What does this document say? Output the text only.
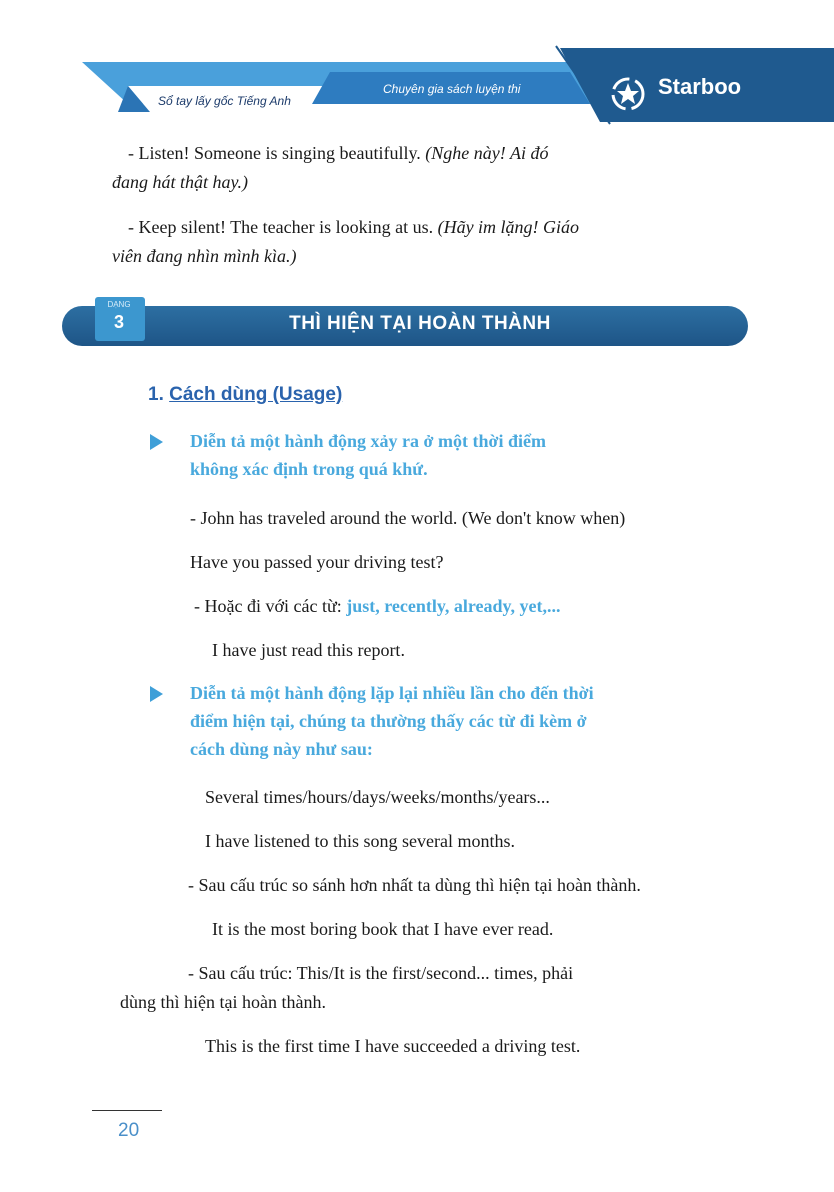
Sổ tay lấy gốc Tiếng Anh
Chuyên gia sách luyện thi	Starboo
- Listen! Someone is singing beautifully. (Nghe này! Ai đó
đang hát thật hay.)
- Keep silent! The teacher is looking at us. (Hãy im lặng! Giáo
viên đang nhìn mình kìa.)
DẠNG
3	THÌ HIỆN TẠI HOÀN THÀNH
1. Cách dùng (Usage)
Diễn tả một hành động xảy ra ở một thời điểm
không xác định trong quá khứ.
- John has traveled around the world. (We don't know when)
Have you passed your driving test?
- Hoặc đi với các từ: just, recently, already, yet,...
I have just read this report.
Diễn tả một hành động lặp lại nhiều lần cho đến thời
điểm hiện tại, chúng ta thường thấy các từ đi kèm ở
cách dùng này như sau:
Several times/hours/days/weeks/months/years...
I have listened to this song several months.
- Sau cấu trúc so sánh hơn nhất ta dùng thì hiện tại hoàn thành.
It is the most boring book that I have ever read.
- Sau cấu trúc: This/It is the first/second... times, phải
dùng thì hiện tại hoàn thành.
This is the first time I have succeeded a driving test.
20
